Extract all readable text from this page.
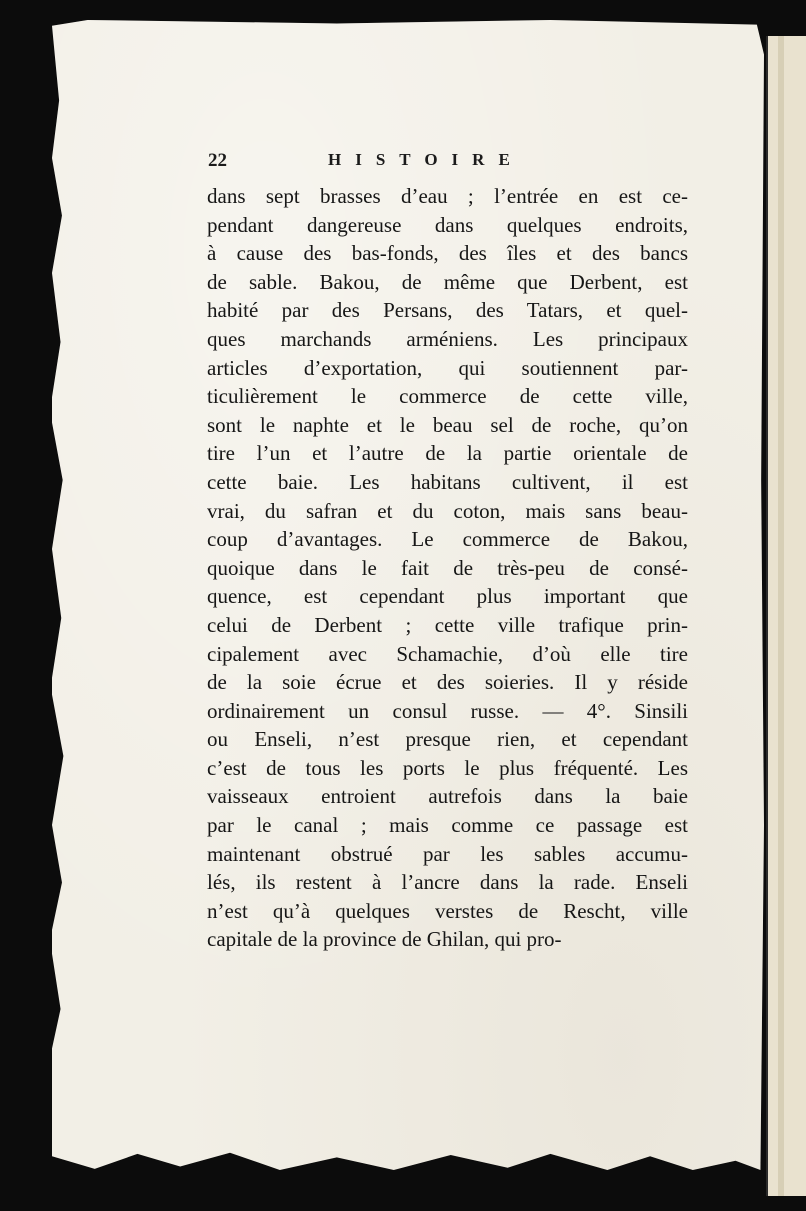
22	HISTOIRE
dans sept brasses d’eau ; l’entrée en est ce-
pendant dangereuse dans quelques endroits,
à cause des bas-fonds, des îles et des bancs
de sable. Bakou, de même que Derbent, est
habité par des Persans, des Tatars, et quel-
ques marchands arméniens. Les principaux
articles d’exportation, qui soutiennent par-
ticulièrement le commerce de cette ville,
sont le naphte et le beau sel de roche, qu’on
tire l’un et l’autre de la partie orientale de
cette baie. Les habitans cultivent, il est
vrai, du safran et du coton, mais sans beau-
coup d’avantages. Le commerce de Bakou,
quoique dans le fait de très-peu de consé-
quence, est cependant plus important que
celui de Derbent ; cette ville trafique prin-
cipalement avec Schamachie, d’où elle tire
de la soie écrue et des soieries. Il y réside
ordinairement un consul russe. — 4°. Sinsili
ou Enseli, n’est presque rien, et cependant
c’est de tous les ports le plus fréquenté. Les
vaisseaux entroient autrefois dans la baie
par le canal ; mais comme ce passage est
maintenant obstrué par les sables accumu-
lés, ils restent à l’ancre dans la rade. Enseli
n’est qu’à quelques verstes de Rescht, ville
capitale de la province de Ghilan, qui pro-
